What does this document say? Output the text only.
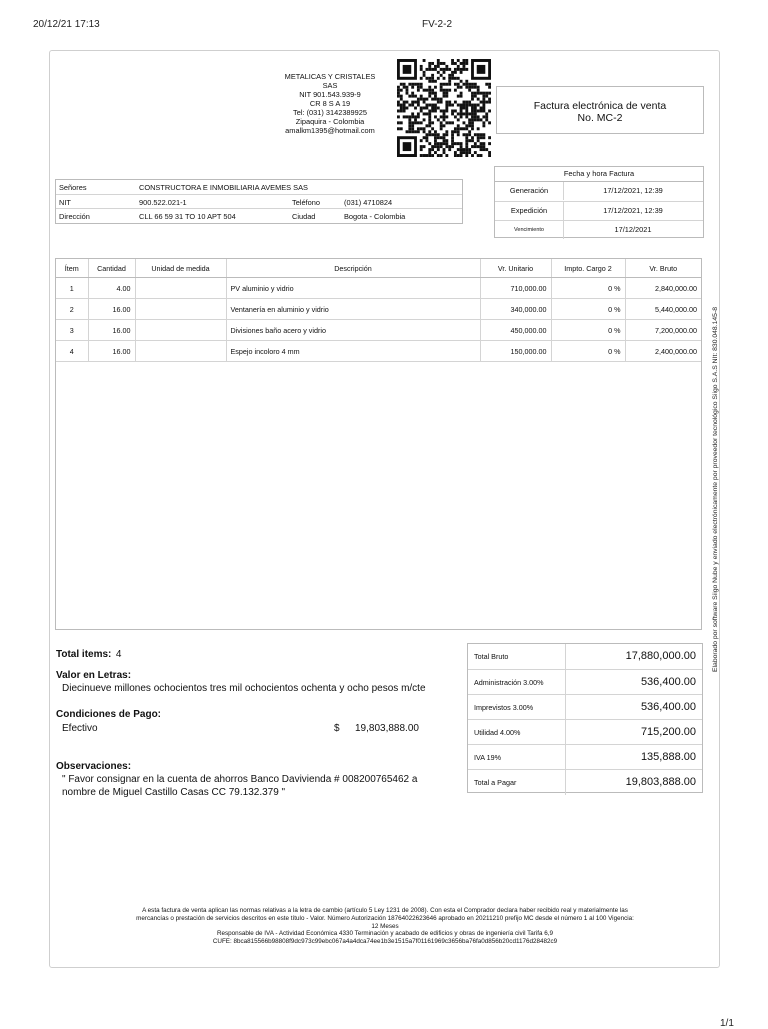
20/12/21 17:13	FV-2-2
1/1
METALICAS Y CRISTALES
SAS
NIT 901.543.939-9
CR 8 S A 19
Tel: (031) 3142389925
Zipaquira - Colombia
amalkm1395@hotmail.com
Factura electrónica de venta
No. MC-2
Señores	CONSTRUCTORA E INMOBILIARIA AVEMES SAS
NIT	900.522.021-1	Teléfono	(031) 4710824
Dirección	CLL 66 59 31 TO 10 APT 504	Ciudad	Bogota - Colombia
Fecha y hora Factura
Generación	17/12/2021, 12:39
Expedición	17/12/2021, 12:39
Vencimiento	17/12/2021
Ítem	Cantidad	Unidad de medida	Descripción	Vr. Unitario	Impto. Cargo 2	Vr. Bruto
1	4.00		PV aluminio y vidrio	710,000.00	0 %	2,840,000.00
2	16.00		Ventanería en aluminio y vidrio	340,000.00	0 %	5,440,000.00
3	16.00		Divisiones baño acero y vidrio	450,000.00	0 %	7,200,000.00
4	16.00		Espejo incoloro 4 mm	150,000.00	0 %	2,400,000.00 Elaborado por software Siigo Nube y enviado electrónicamente por proveedor tecnológico Siigo S.A.S NIt: 830.048.145-8
Total items: 4
Valor en Letras:
Diecinueve millones ochocientos tres mil ochocientos ochenta y ocho pesos m/cte
Condiciones de Pago:
Efectivo	$ 19,803,888.00
Observaciones:
" Favor consignar en la cuenta de ahorros Banco Davivienda # 008200765462 a
nombre de Miguel Castillo Casas CC 79.132.379 "
Total Bruto	17,880,000.00
Administración 3.00%	536,400.00
Imprevistos 3.00%	536,400.00
Utilidad 4.00%	715,200.00
IVA 19%	135,888.00
Total a Pagar	19,803,888.00
A esta factura de venta aplican las normas relativas a la letra de cambio (artículo 5 Ley 1231 de 2008). Con esta el Comprador declara haber recibido real y materialmente las
mercancías o prestación de servicios descritos en este título - Valor. Número Autorización 18764022623646 aprobado en 20211210 prefijo MC desde el número 1 al 100 Vigencia:
12 Meses
Responsable de IVA - Actividad Económica 4330 Terminación y acabado de edificios y obras de ingeniería civil Tarifa 6,9
CUFE: 8bca815566b98808f9dc973c99ebc067a4a4dca74ee1b3e1515a7f01161969c3656ba76fa0d856b20cd1176d28482c9
